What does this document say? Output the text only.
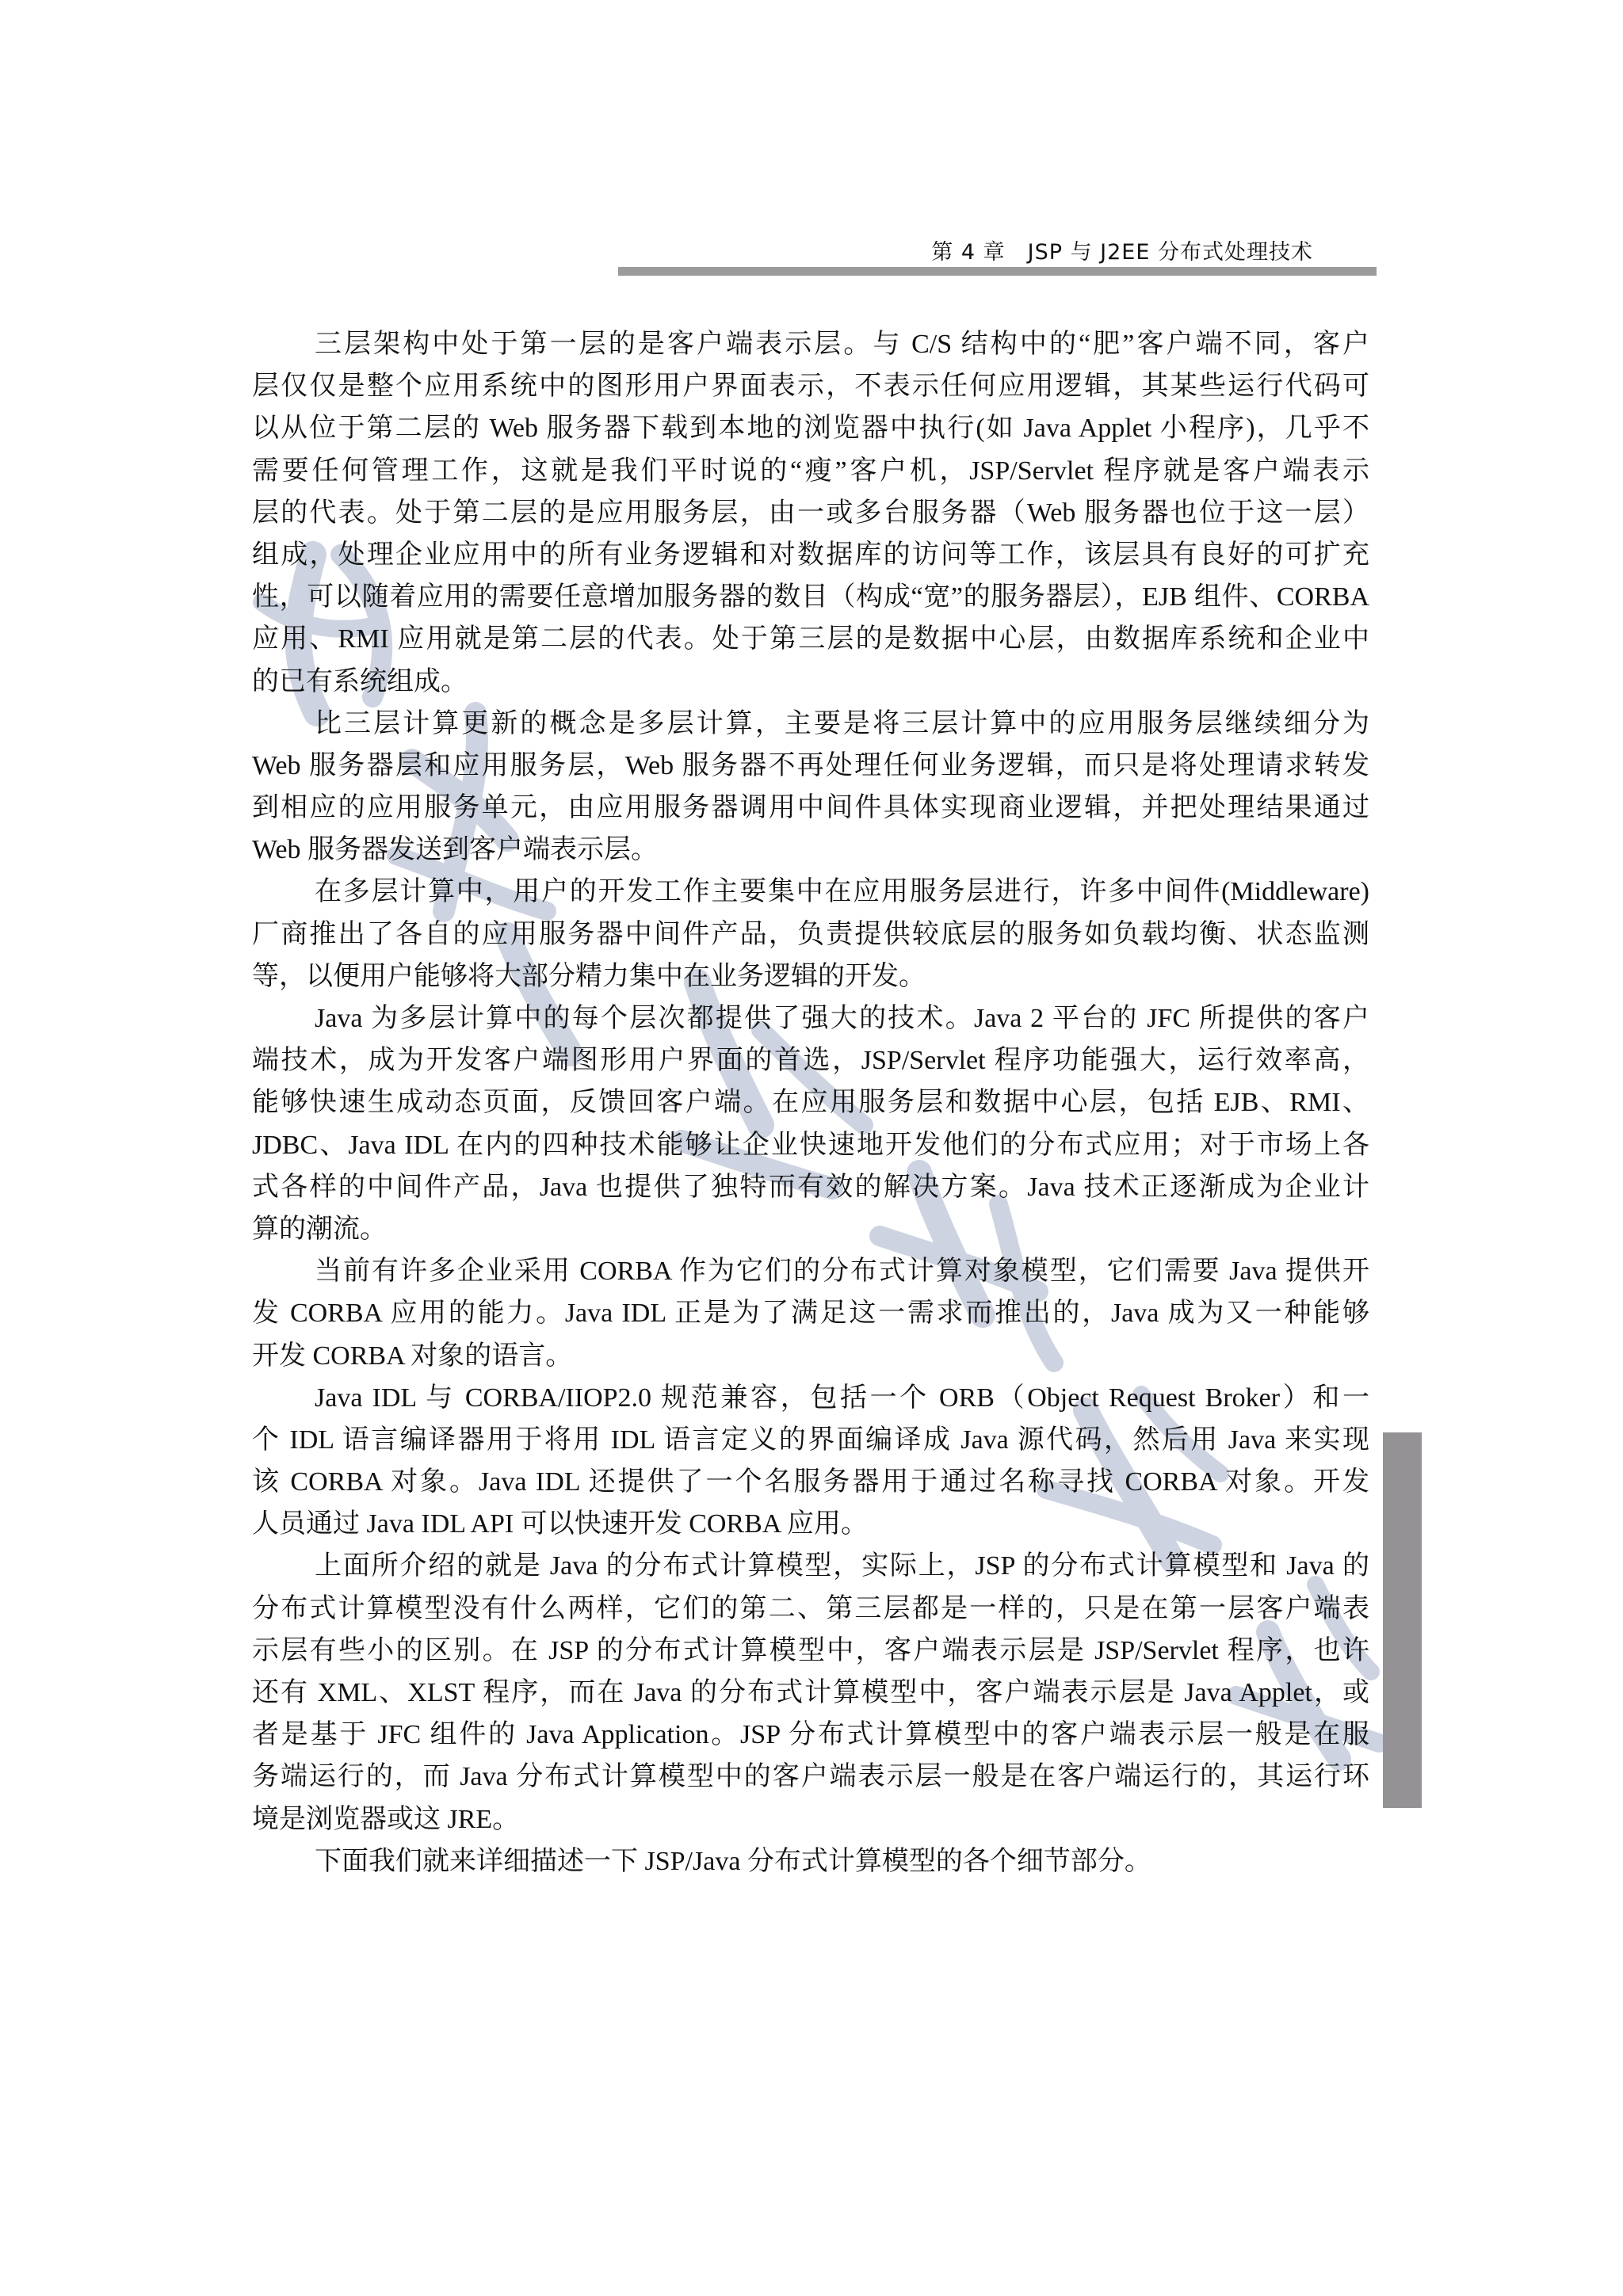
第 4 章　JSP 与 J2EE 分布式处理技术
三层架构中处于第一层的是客户端表示层。与 C/S 结构中的“肥”客户端不同，客户
层仅仅是整个应用系统中的图形用户界面表示，不表示任何应用逻辑，其某些运行代码可
以从位于第二层的 Web 服务器下载到本地的浏览器中执行(如 Java Applet 小程序)，几乎不
需要任何管理工作，这就是我们平时说的“瘦”客户机，JSP/Servlet 程序就是客户端表示
层的代表。处于第二层的是应用服务层，由一或多台服务器（Web 服务器也位于这一层）
组成，处理企业应用中的所有业务逻辑和对数据库的访问等工作，该层具有良好的可扩充
性，可以随着应用的需要任意增加服务器的数目（构成“宽”的服务器层），EJB 组件、CORBA
应用、RMI 应用就是第二层的代表。处于第三层的是数据中心层，由数据库系统和企业中
的已有系统组成。
比三层计算更新的概念是多层计算，主要是将三层计算中的应用服务层继续细分为
Web 服务器层和应用服务层，Web 服务器不再处理任何业务逻辑，而只是将处理请求转发
到相应的应用服务单元，由应用服务器调用中间件具体实现商业逻辑，并把处理结果通过
Web 服务器发送到客户端表示层。
在多层计算中，用户的开发工作主要集中在应用服务层进行，许多中间件(Middleware)
厂商推出了各自的应用服务器中间件产品，负责提供较底层的服务如负载均衡、状态监测
等，以便用户能够将大部分精力集中在业务逻辑的开发。
Java 为多层计算中的每个层次都提供了强大的技术。Java 2 平台的 JFC 所提供的客户
端技术，成为开发客户端图形用户界面的首选，JSP/Servlet 程序功能强大，运行效率高，
能够快速生成动态页面，反馈回客户端。在应用服务层和数据中心层，包括 EJB、RMI、
JDBC、Java IDL 在内的四种技术能够让企业快速地开发他们的分布式应用；对于市场上各
式各样的中间件产品，Java 也提供了独特而有效的解决方案。Java 技术正逐渐成为企业计
算的潮流。
当前有许多企业采用 CORBA 作为它们的分布式计算对象模型，它们需要 Java 提供开
发 CORBA 应用的能力。Java IDL 正是为了满足这一需求而推出的，Java 成为又一种能够
开发 CORBA 对象的语言。
Java IDL 与 CORBA/IIOP2.0 规范兼容，包括一个 ORB（Object Request Broker）和一
个 IDL 语言编译器用于将用 IDL 语言定义的界面编译成 Java 源代码，然后用 Java 来实现
该 CORBA 对象。Java IDL 还提供了一个名服务器用于通过名称寻找 CORBA 对象。开发
人员通过 Java IDL API 可以快速开发 CORBA 应用。
上面所介绍的就是 Java 的分布式计算模型，实际上，JSP 的分布式计算模型和 Java 的
分布式计算模型没有什么两样，它们的第二、第三层都是一样的，只是在第一层客户端表
示层有些小的区别。在 JSP 的分布式计算模型中，客户端表示层是 JSP/Servlet 程序，也许
还有 XML、XLST 程序，而在 Java 的分布式计算模型中，客户端表示层是 Java Applet，或
者是基于 JFC 组件的 Java Application。JSP 分布式计算模型中的客户端表示层一般是在服
务端运行的，而 Java 分布式计算模型中的客户端表示层一般是在客户端运行的，其运行环
境是浏览器或这 JRE。
下面我们就来详细描述一下 JSP/Java 分布式计算模型的各个细节部分。
